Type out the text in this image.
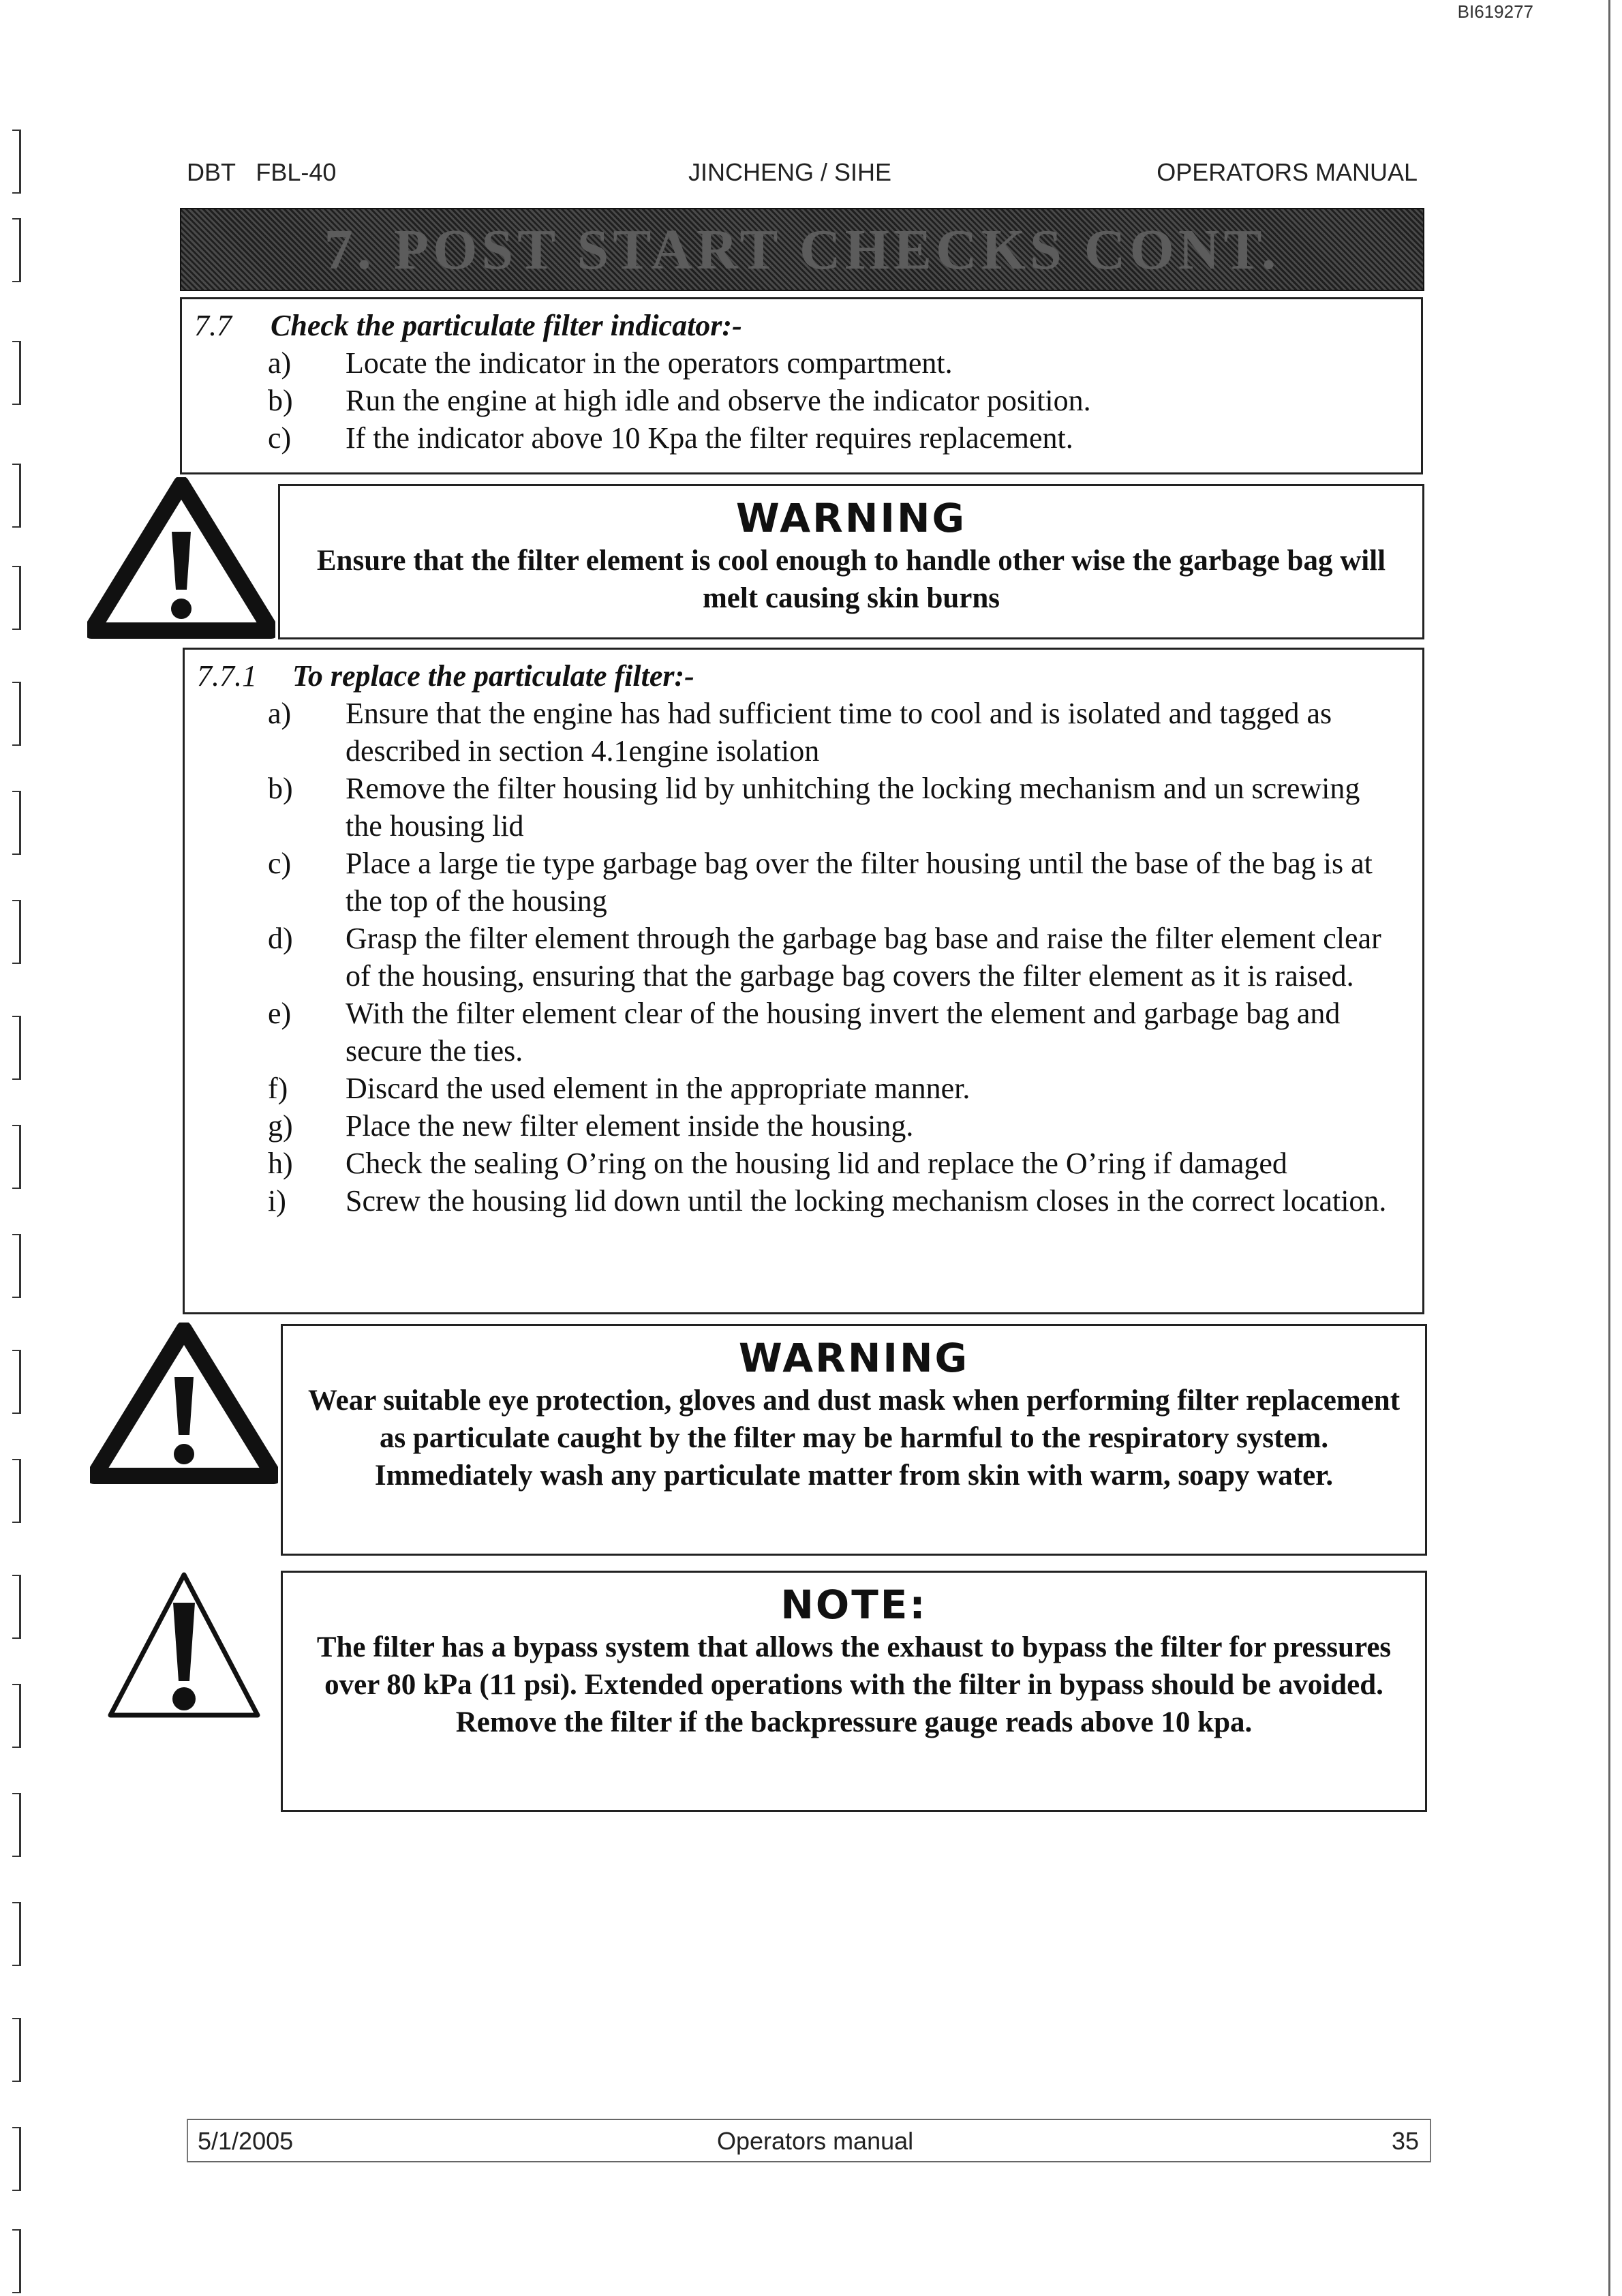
BI619277
DBT   FBL-40	JINCHENG / SIHE	OPERATORS MANUAL
7. POST START CHECKS CONT.
7.7 Check the particulate filter indicator:-
a)	Locate the indicator in the operators compartment.
b)	Run the engine at high idle and observe the indicator position.
c)	If the indicator above 10 Kpa the filter requires replacement.
WARNING
Ensure that the filter element is cool enough to handle other wise the garbage bag will melt causing skin burns
7.7.1 To replace the particulate filter:-
a)	Ensure that the engine has had sufficient time to cool and is isolated and tagged as described in section 4.1engine isolation
b)	Remove the filter housing lid by unhitching the locking mechanism and un screwing the housing lid
c)	Place a large tie type garbage bag over the filter housing until the base of the bag is at the top of the housing
d)	Grasp the filter element through the garbage bag base and raise the filter element clear of the housing, ensuring that the garbage bag covers the filter element as it is raised.
e)	With the filter element clear of the housing invert the element and garbage bag and secure the ties.
f)	Discard the used element in the appropriate manner.
g)	Place the new filter element inside the housing.
h)	Check the sealing O’ring on the housing lid and replace the O’ring if damaged
i)	Screw the housing lid down until the locking mechanism closes in the correct location.
WARNING
Wear suitable eye protection, gloves and dust mask when performing filter replacement as particulate caught by the filter may be harmful to the respiratory system.
Immediately wash any particulate matter from skin with warm, soapy water.
NOTE:
The filter has a bypass system that allows the exhaust to bypass the filter for pressures over 80 kPa (11 psi). Extended operations with the filter in bypass should be avoided. Remove the filter if the backpressure gauge reads above 10 kpa.
5/1/2005	Operators manual	35
